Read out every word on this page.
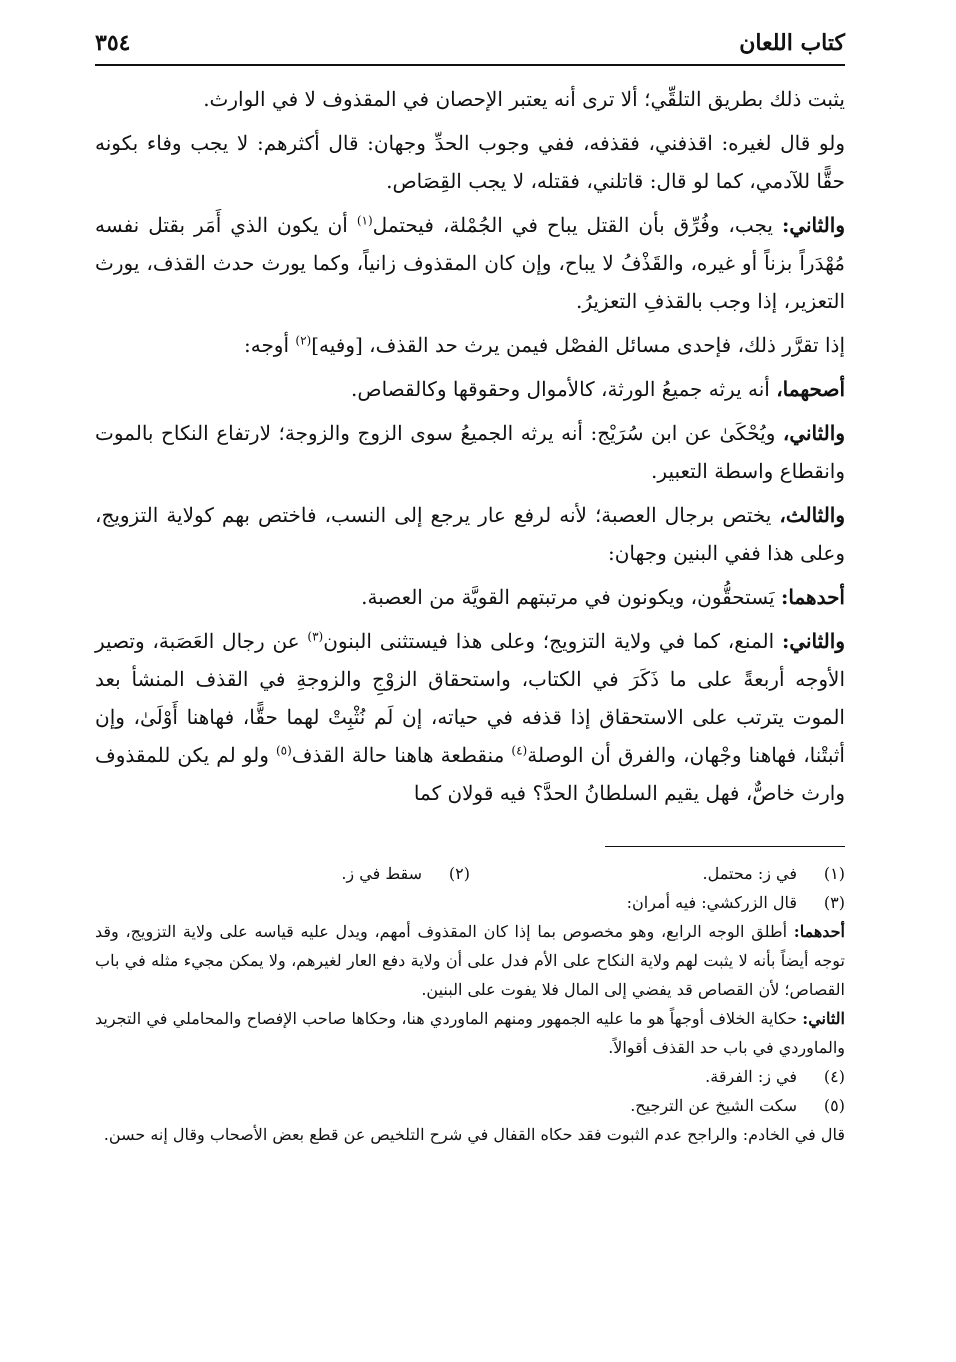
كتاب اللعان
٣٥٤

يثبت ذلك بطريق التلقِّي؛ ألا ترى أنه يعتبر الإحصان في المقذوف لا في الوارث.

ولو قال لغيره: اقذفني، فقذفه، ففي وجوب الحدِّ وجهان: قال أكثرهم: لا يجب وفاء بكونه حقًّا للآدمي، كما لو قال: قاتلني، فقتله، لا يجب القِصَاص.

والثاني: يجب، وفُرِّق بأن القتل يباح في الجُمْلة، فيحتمل$^{(١)}$ أن يكون الذي أَمَر بقتل نفسه مُهْدَراً بزناً أو غيره، والقَذْفُ لا يباح، وإن كان المقذوف زانياً، وكما يورث حدث القذف، يورث التعزير، إذا وجب بالقذفِ التعزيرُ.

إذا تقرَّر ذلك، فإحدى مسائل الفصْل فيمن يرث حد القذف، [وفيه]$^{(٢)}$ أوجه:

أصحهما، أنه يرثه جميعُ الورثة، كالأموال وحقوقها وكالقصاص.

والثاني، ويُحْكَىٰ عن ابن سُرَيْج: أنه يرثه الجميعُ سوى الزوج والزوجة؛ لارتفاع النكاح بالموت وانقطاع واسطة التعبير.

والثالث، يختص برجال العصبة؛ لأنه لرفع عار يرجع إلى النسب، فاختص بهم كولاية التزويج، وعلى هذا ففي البنين وجهان:

أحدهما: يَستحقُّون، ويكونون في مرتبتهم القويَّة من العصبة.

والثاني: المنع، كما في ولاية التزويج؛ وعلى هذا فيستثنى البنون$^{(٣)}$ عن رجال العَصَبة، وتصير الأوجه أربعةً على ما ذَكَرَ في الكتاب، واستحقاق الزوْجِ والزوجةِ في القذف المنشأ بعد الموت يترتب على الاستحقاق إذا قذفه في حياته، إن لَم نُثْبِتْ لهما حقًّا، فهاهنا أَوْلَىٰ، وإن أثبتْنا، فهاهنا وجْهان، والفرق أن الوصلة$^{(٤)}$ منقطعة هاهنا حالة القذف$^{(٥)}$ ولو لم يكن للمقذوف وارث خاصٌّ، فهل يقيم السلطانُ الحدَّ؟ فيه قولان كما

(١)
في ز: محتمل.
(٢)
سقط في ز.
(٣)
قال الزركشي: فيه أمران:

أحدهما: أطلق الوجه الرابع، وهو مخصوص بما إذا كان المقذوف أمهم، ويدل عليه قياسه على ولاية التزويج، وقد توجه أيضاً بأنه لا يثبت لهم ولاية النكاح على الأم فدل على أن ولاية دفع العار لغيرهم، ولا يمكن مجيء مثله في باب القصاص؛ لأن القصاص قد يفضي إلى المال فلا يفوت على البنين.

الثاني: حكاية الخلاف أوجهاً هو ما عليه الجمهور ومنهم الماوردي هنا، وحكاها صاحب الإفصاح والمحاملي في التجريد والماوردي في باب حد القذف أقوالاً.

(٤)
في ز: الفرقة.
(٥)
سكت الشيخ عن الترجيح.

قال في الخادم: والراجح عدم الثبوت فقد حكاه القفال في شرح التلخيص عن قطع بعض الأصحاب وقال إنه حسن.
